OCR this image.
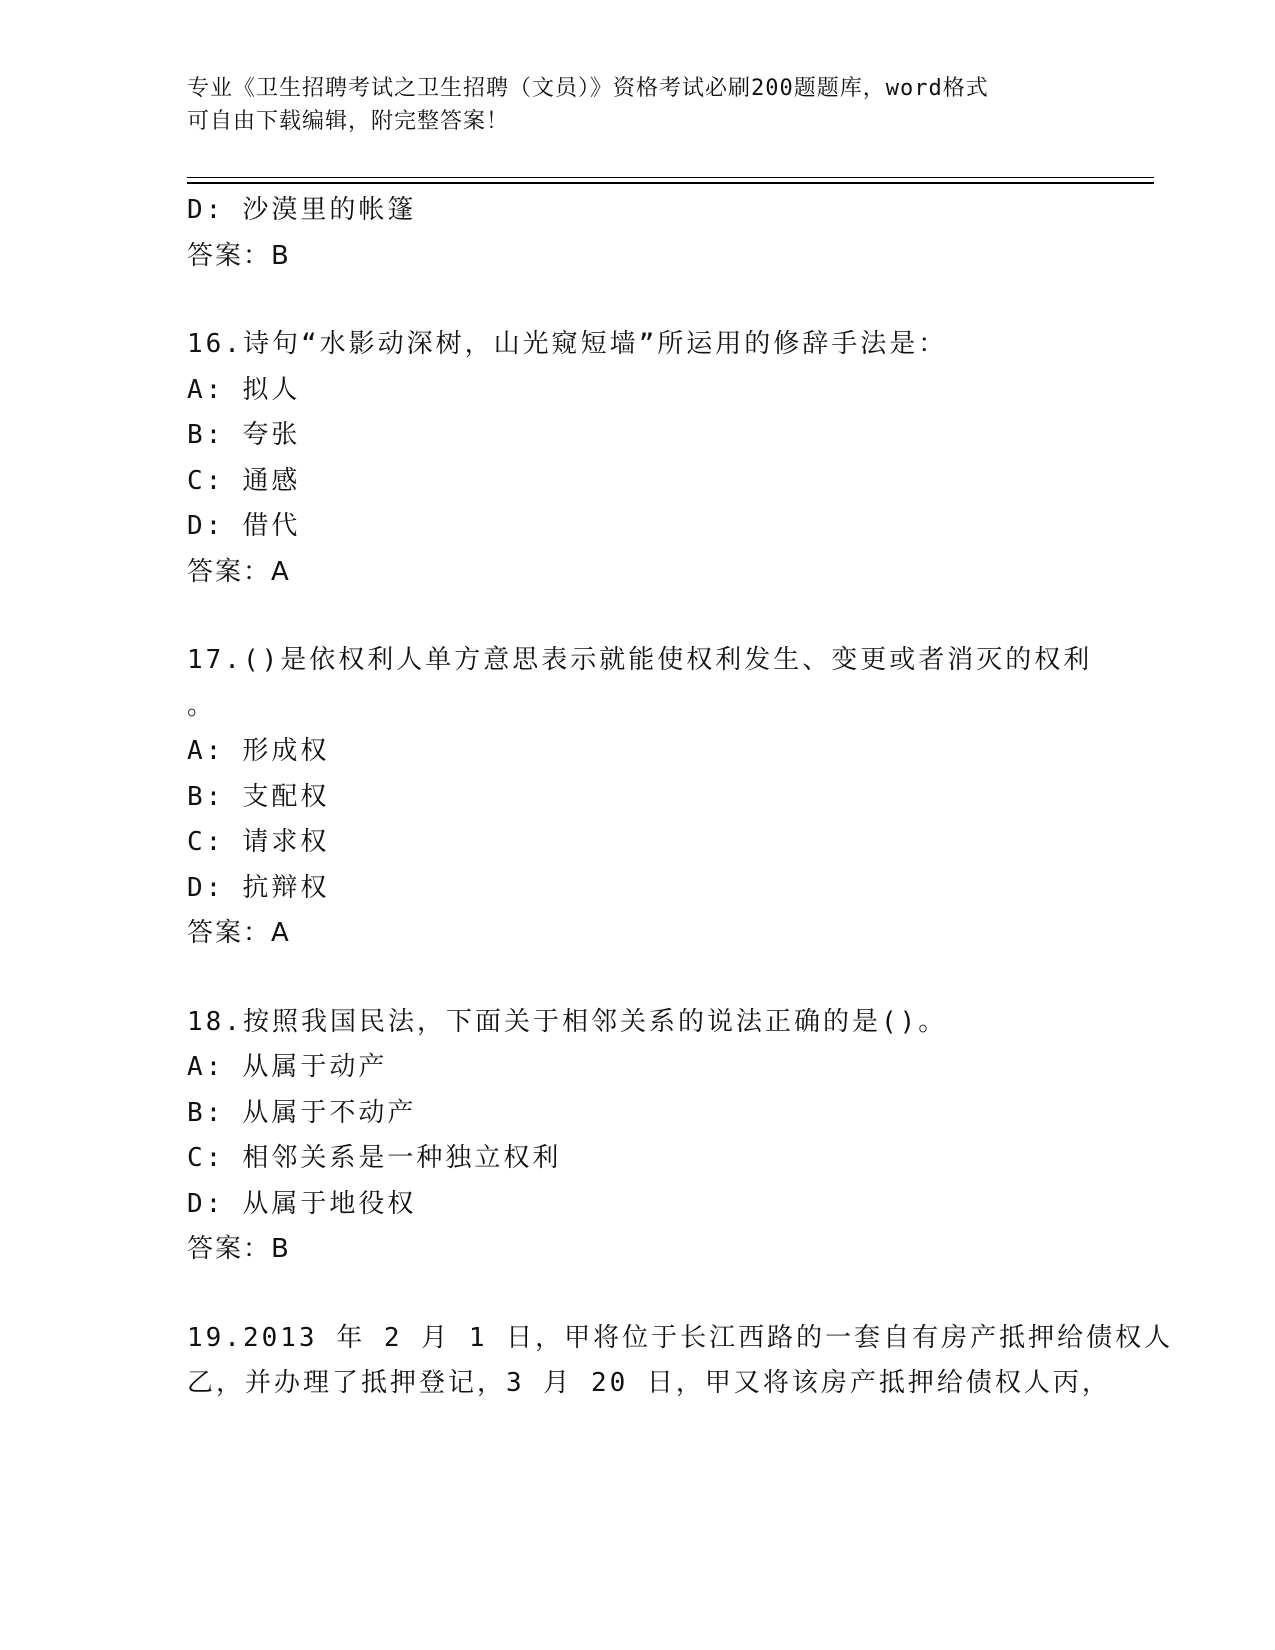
专业《卫生招聘考试之卫生招聘（文员）》资格考试必刷200题题库，word格式
可自由下载编辑，附完整答案！
D: 沙漠里的帐篷
答案：B
16.诗句“水影动深树，山光窥短墙”所运用的修辞手法是：
A: 拟人
B: 夸张
C: 通感
D: 借代
答案：A
17.()是依权利人单方意思表示就能使权利发生、变更或者消灭的权利
。
A: 形成权
B: 支配权
C: 请求权
D: 抗辩权
答案：A
18.按照我国民法，下面关于相邻关系的说法正确的是()。
A: 从属于动产
B: 从属于不动产
C: 相邻关系是一种独立权利
D: 从属于地役权
答案：B
19.2013 年 2 月 1 日，甲将位于长江西路的一套自有房产抵押给债权人
乙，并办理了抵押登记，3 月 20 日，甲又将该房产抵押给债权人丙，
